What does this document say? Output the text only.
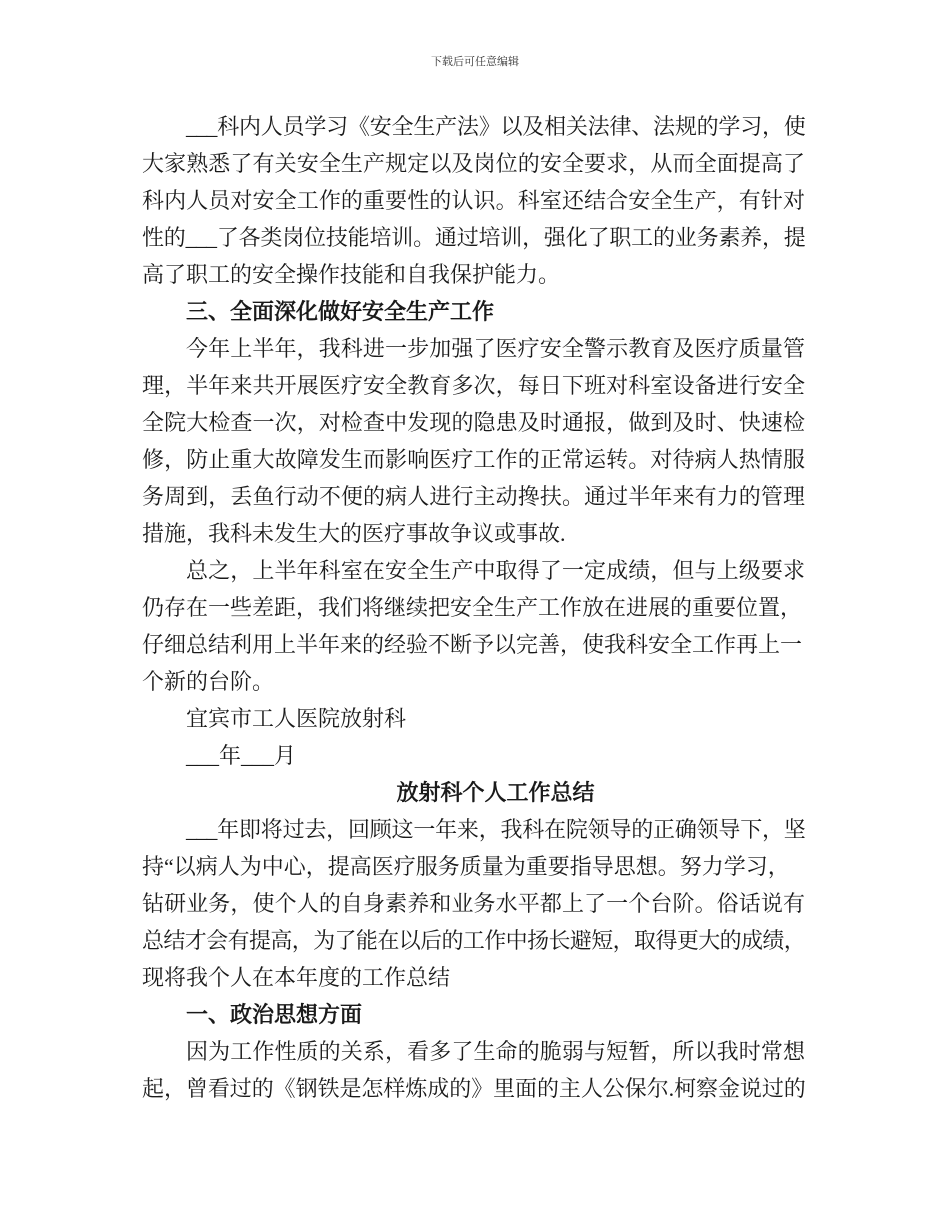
下载后可任意编辑
___科内人员学习《安全生产法》以及相关法律、法规的学习，使
大家熟悉了有关安全生产规定以及岗位的安全要求，从而全面提高了
科内人员对安全工作的重要性的认识。科室还结合安全生产，有针对
性的___了各类岗位技能培训。通过培训，强化了职工的业务素养，提
高了职工的安全操作技能和自我保护能力。
三、全面深化做好安全生产工作
今年上半年，我科进一步加强了医疗安全警示教育及医疗质量管
理，半年来共开展医疗安全教育多次，每日下班对科室设备进行安全
全院大检查一次，对检查中发现的隐患及时通报，做到及时、快速检
修，防止重大故障发生而影响医疗工作的正常运转。对待病人热情服
务周到，丢鱼行动不便的病人进行主动搀扶。通过半年来有力的管理
措施，我科未发生大的医疗事故争议或事故.
总之，上半年科室在安全生产中取得了一定成绩，但与上级要求
仍存在一些差距，我们将继续把安全生产工作放在进展的重要位置，
仔细总结利用上半年来的经验不断予以完善，使我科安全工作再上一
个新的台阶。
宜宾市工人医院放射科
___年___月
放射科个人工作总结
___年即将过去，回顾这一年来，我科在院领导的正确领导下，坚
持“以病人为中心，提高医疗服务质量为重要指导思想。努力学习，
钻研业务，使个人的自身素养和业务水平都上了一个台阶。俗话说有
总结才会有提高，为了能在以后的工作中扬长避短，取得更大的成绩，
现将我个人在本年度的工作总结
一、政治思想方面
因为工作性质的关系，看多了生命的脆弱与短暂，所以我时常想
起，曾看过的《钢铁是怎样炼成的》里面的主人公保尔.柯察金说过的
